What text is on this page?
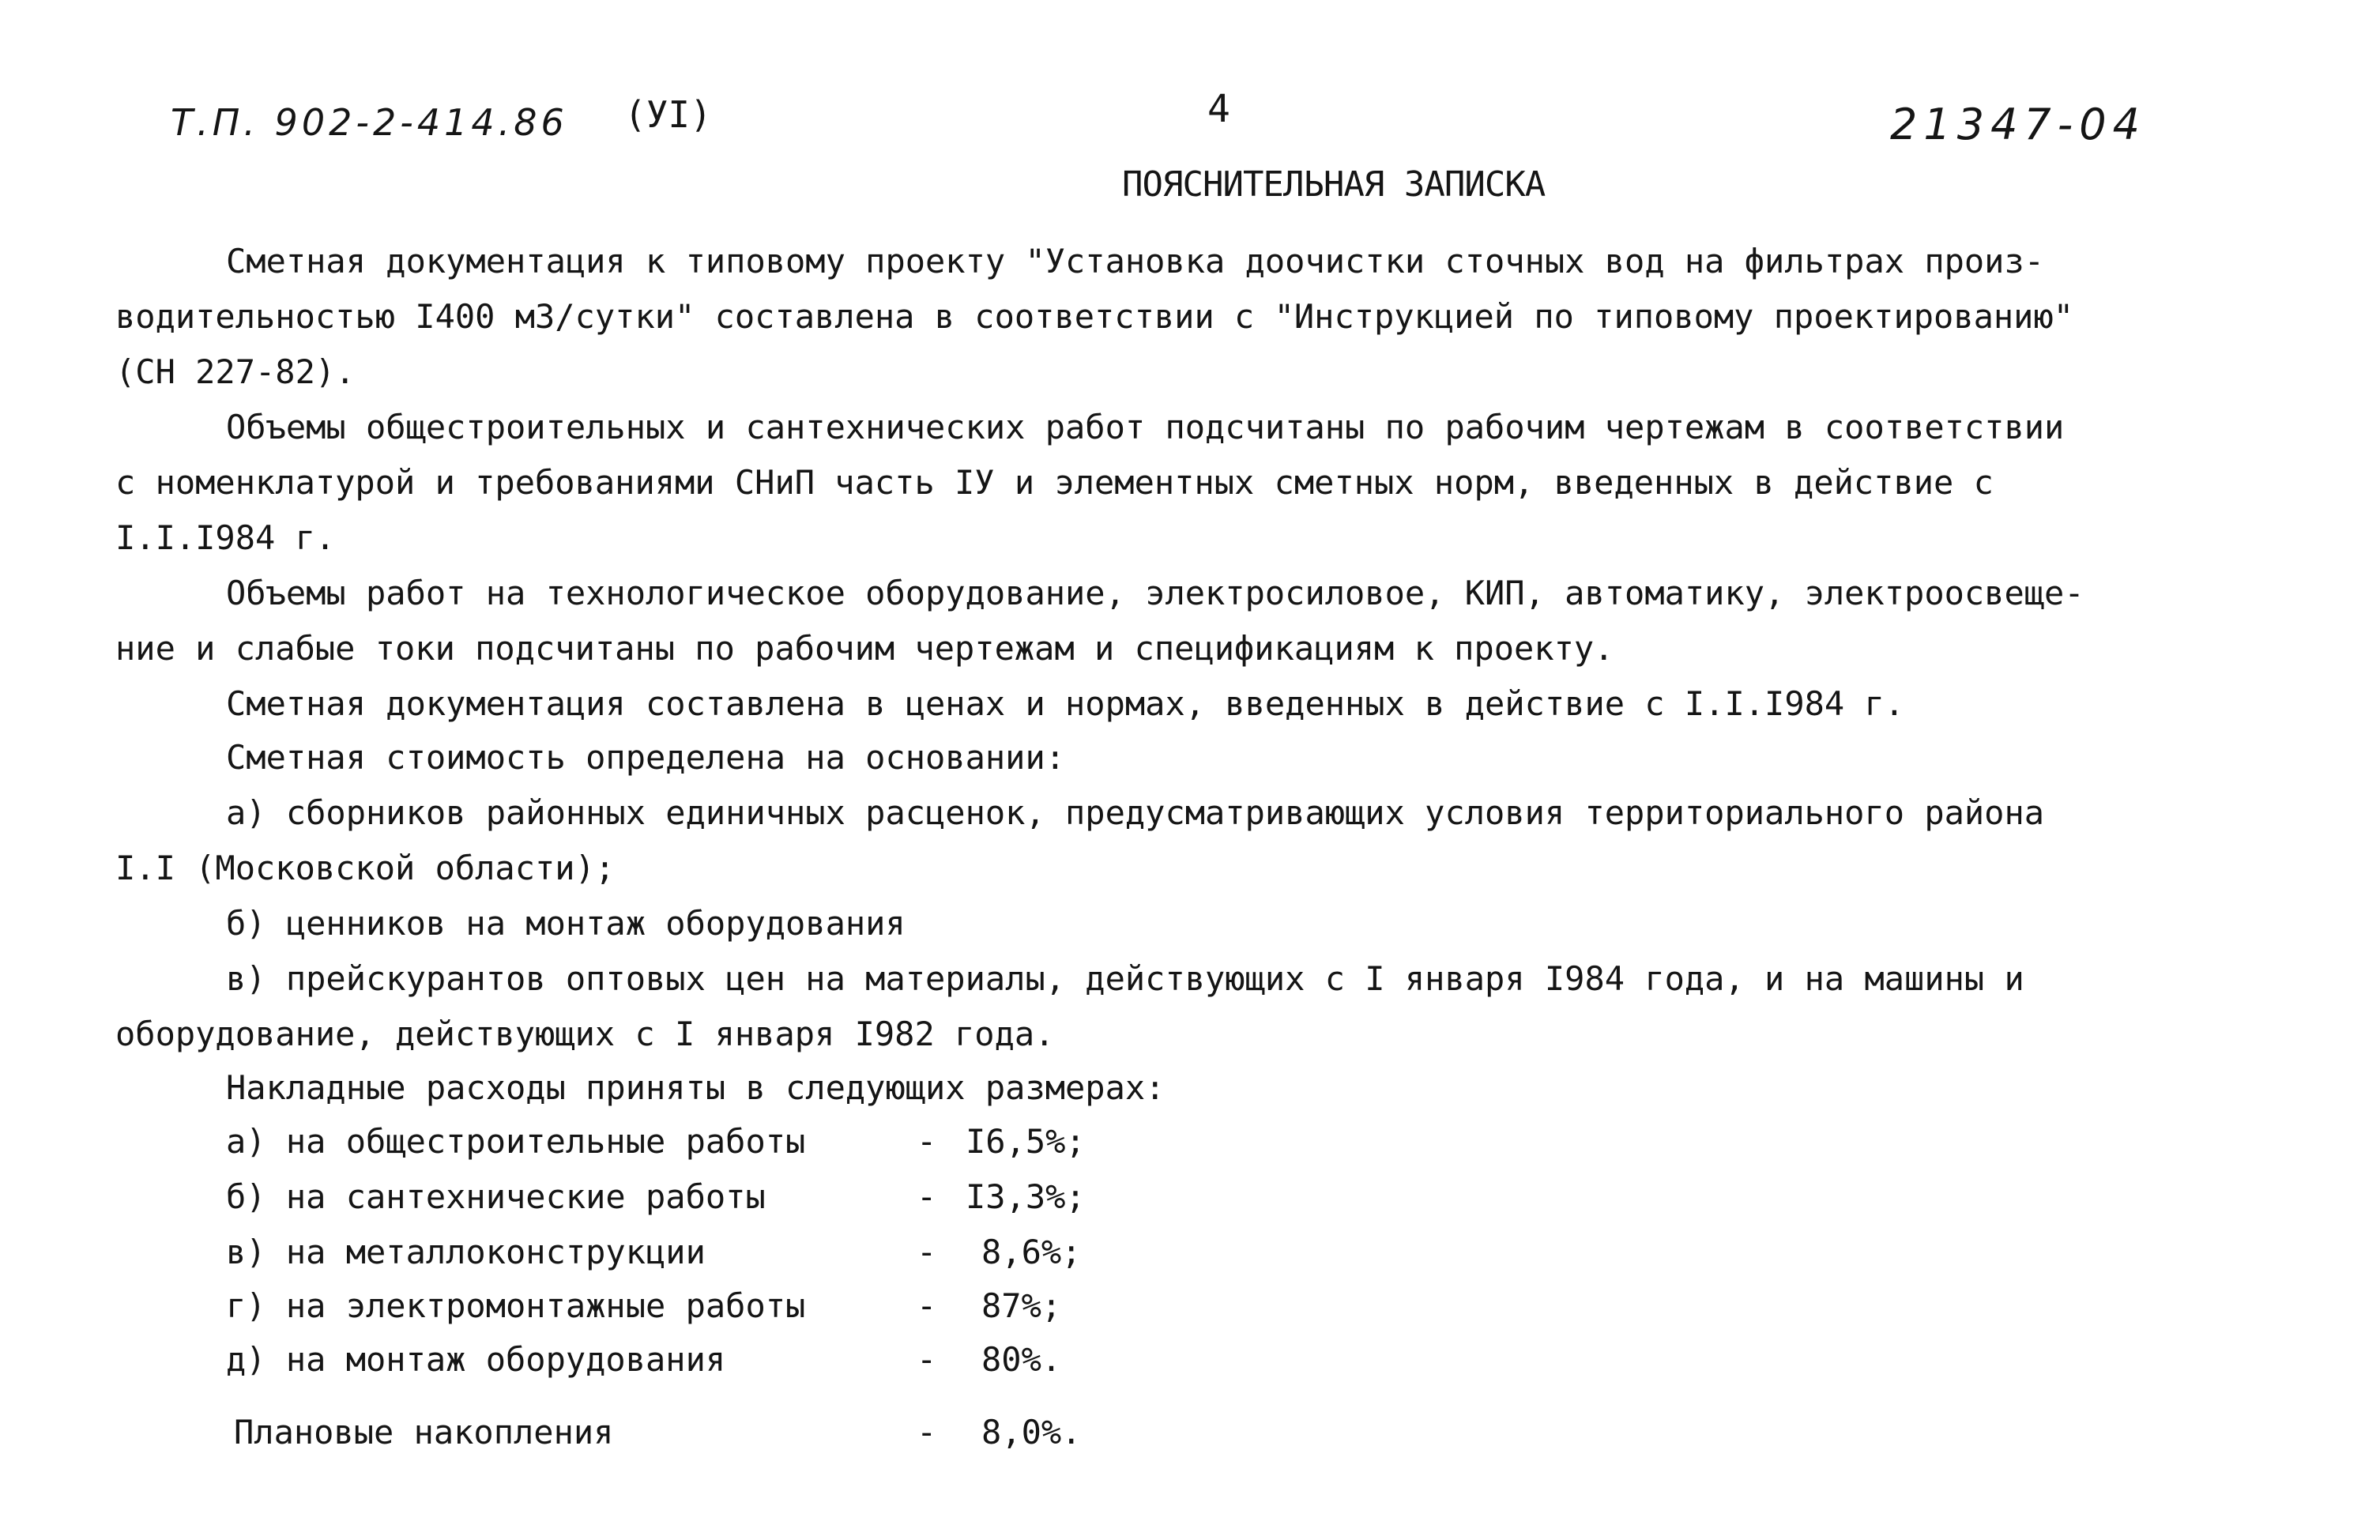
Т.П. 902-2-414.86 (УI)	4	21347-04
ПОЯСНИТЕЛЬНАЯ ЗАПИСКА
Сметная документация к типовому проекту "Установка доочистки сточных вод на фильтрах произ-
водительностью I400 м3/сутки" составлена в соответствии с "Инструкцией по типовому проектированию"
(СН 227-82).
Объемы общестроительных и сантехнических работ подсчитаны по рабочим чертежам в соответствии
с номенклатурой и требованиями СНиП часть IУ и элементных сметных норм, введенных в действие с
I.I.I984 г.
Объемы работ на технологическое оборудование, электросиловое, КИП, автоматику, электроосвеще-
ние и слабые токи подсчитаны по рабочим чертежам и спецификациям к проекту.
Сметная документация составлена в ценах и нормах, введенных в действие с I.I.I984 г.
Сметная стоимость определена на основании:
а) сборников районных единичных расценок, предусматривающих условия территориального района
I.I (Московской области);
б) ценников на монтаж оборудования
в) прейскурантов оптовых цен на материалы, действующих с I января I984 года, и на машины и
оборудование, действующих с I января I982 года.
Накладные расходы приняты в следующих размерах:
а) на общестроительные работы	- I6,5%;
б) на сантехнические работы	- I3,3%;
в) на металлоконструкции	- 8,6%;
г) на электромонтажные работы	- 87%;
д) на монтаж оборудования	- 80%.
Плановые накопления	- 8,0%.
